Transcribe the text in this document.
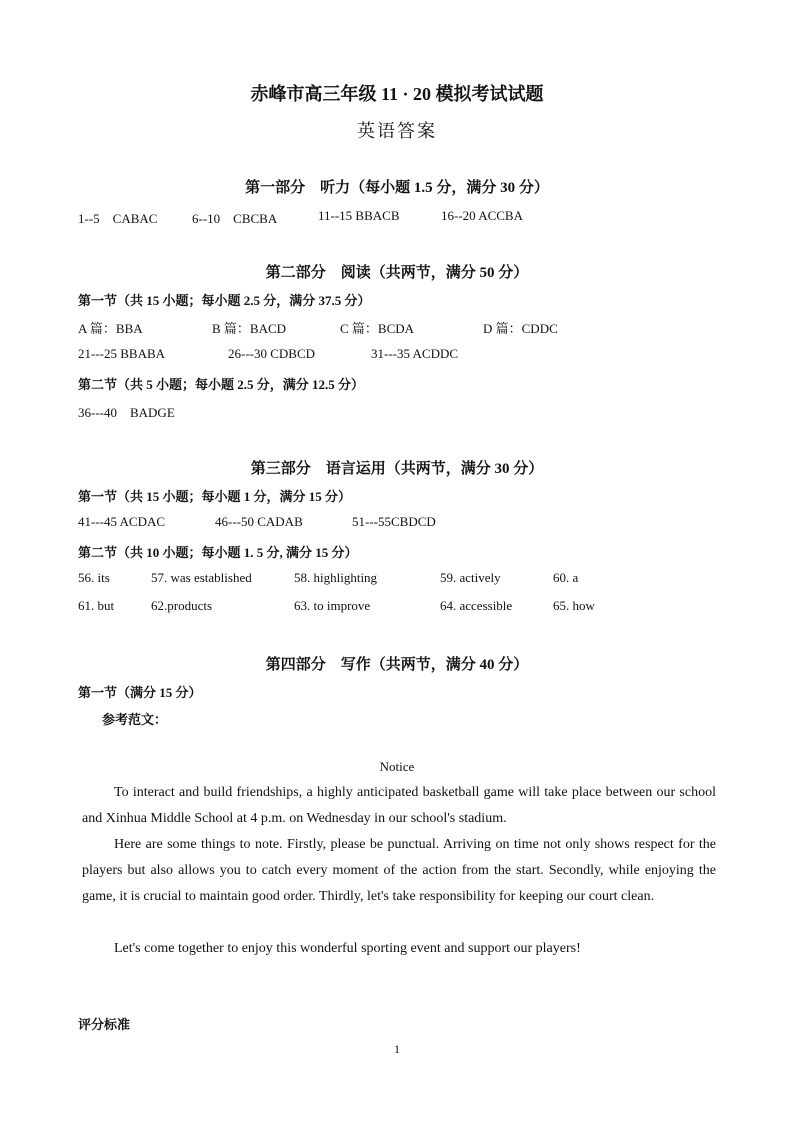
赤峰市高三年级 11 · 20 模拟考试试题
英语答案
第一部分　听力（每小题 1.5 分，满分 30 分）
1--5　CABAC	6--10　CBCBA	11--15 BBACB	16--20 ACCBA
第二部分　阅读（共两节，满分 50 分）
第一节（共 15 小题；每小题 2.5 分，满分 37.5 分）
A 篇：BBA	B 篇：BACD	C 篇：BCDA	D 篇：CDDC
21---25 BBABA	26---30 CDBCD	31---35 ACDDC
第二节（共 5 小题；每小题 2.5 分，满分 12.5 分）
36---40　BADGE
第三部分　语言运用（共两节，满分 30 分）
第一节（共 15 小题；每小题 1 分，满分 15 分）
41---45 ACDAC	46---50 CADAB	51---55CBDCD
第二节（共 10 小题；每小题 1. 5 分, 满分 15 分）
56. its	57. was established	58. highlighting	59. actively	60. a
61. but	62.products	63. to improve	64. accessible	65. how
第四部分　写作（共两节，满分 40 分）
第一节（满分 15 分）
参考范文：
Notice
To interact and build friendships, a highly anticipated basketball game will take place between our school and Xinhua Middle School at 4 p.m. on Wednesday in our school's stadium.
Here are some things to note. Firstly, please be punctual. Arriving on time not only shows respect for the players but also allows you to catch every moment of the action from the start. Secondly, while enjoying the game, it is crucial to maintain good order. Thirdly, let's take responsibility for keeping our court clean.
Let's come together to enjoy this wonderful sporting event and support our players!
评分标准
1
